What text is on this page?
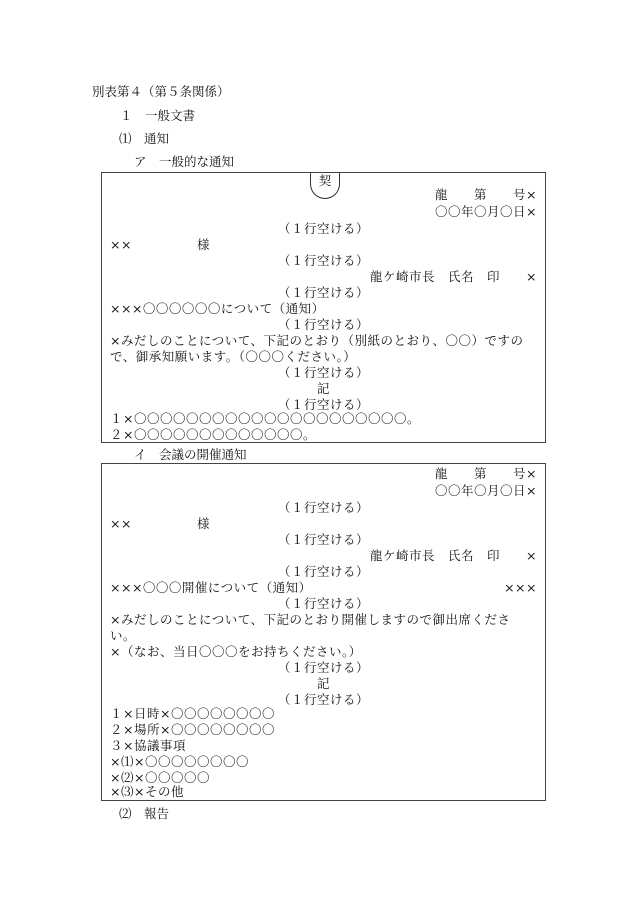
別表第４（第５条関係）
１　一般文書
⑴　通知
ア　一般的な通知
契
龍　　第　　号×
〇〇年〇月〇日×
（１行空ける）
××　　　　　様
（１行空ける）
龍ケ崎市長　氏名　印　　×
（１行空ける）
×××〇〇〇〇〇〇について（通知）
（１行空ける）
×みだしのことについて、下記のとおり（別紙のとおり、〇〇）ですの
で、御承知願います。（〇〇〇ください。）
（１行空ける）
記
（１行空ける）
１×〇〇〇〇〇〇〇〇〇〇〇〇〇〇〇〇〇〇〇〇〇。
２×〇〇〇〇〇〇〇〇〇〇〇〇〇。
イ　会議の開催通知
龍　　第　　号×
〇〇年〇月〇日×
（１行空ける）
××　　　　　様
（１行空ける）
龍ケ崎市長　氏名　印　　×
（１行空ける）
×××〇〇〇開催について（通知）	×××
（１行空ける）
×みだしのことについて、下記のとおり開催しますので御出席くださ
い。
×（なお、当日〇〇〇をお持ちください。）
（１行空ける）
記
（１行空ける）
１×日時×〇〇〇〇〇〇〇〇
２×場所×〇〇〇〇〇〇〇〇
３×協議事項
×⑴×〇〇〇〇〇〇〇〇
×⑵×〇〇〇〇〇
×⑶×その他
⑵　報告
